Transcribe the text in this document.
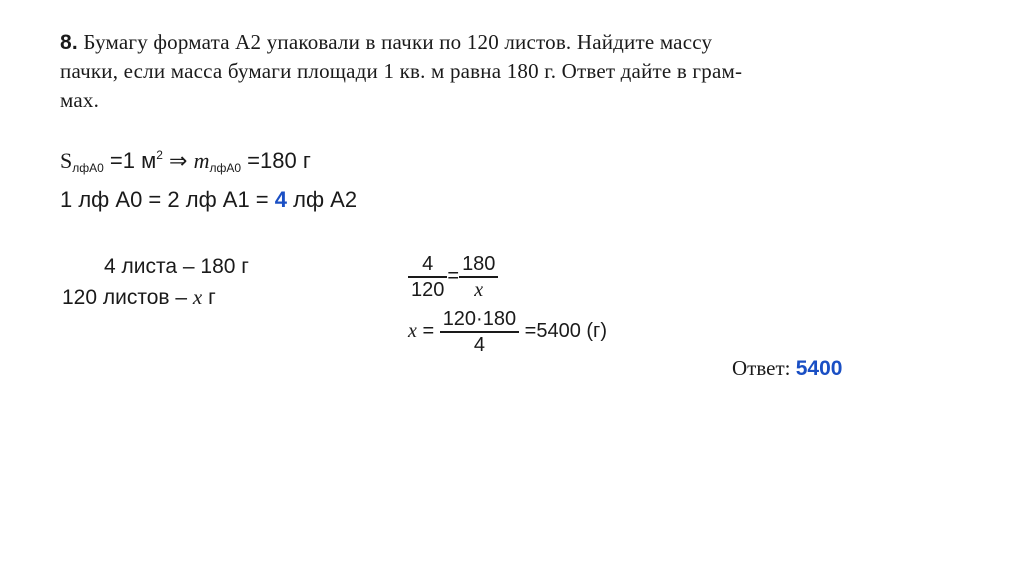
8. Бумагу формата А2 упаковали в пачки по 120 листов. Найдите массу

пачки, если масса бумаги площади 1 кв. м равна 180 г. Ответ дайте в грам-

мах.

$S_{лфА0} =1$ $м^2$ ⇒ $m_{лфА0} =180$ г
1 лф А0 = 2 лф А1 = 4 лф А2
4 листа – 180 г
120 листов – x г	$\frac{4}{120} = \frac{180}{x}$
$x = \frac{120\cdot 180}{4} =5400$ (г)
Ответ: 5400
